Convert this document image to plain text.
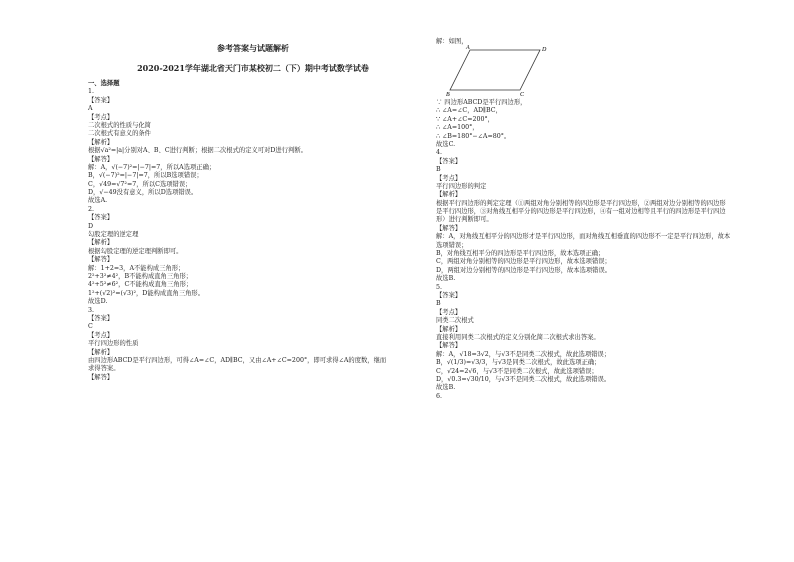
参考答案与试题解析
2020-2021学年湖北省天门市某校初二（下）期中考试数学试卷
一、选择题
1.
【答案】
A
【考点】
二次根式的性质与化简
二次根式有意义的条件
【解析】
根据√a²=|a|分别对A、B、C进行判断；根据二次根式的定义可对D进行判断。
【解答】
解：A，√(−7)²=|−7|=7，所以A选项正确；
B，√(−7)²=|−7|=7，所以B选项错误；
C，√49=√7²=7，所以C选项错误；
D，√−49没有意义，所以D选项错误。
故选A.
2.
【答案】
D
勾股定理的逆定理
【解析】
根据勾股定理的逆定理判断即可。
【解答】
解：1+2=3，A不能构成三角形；
2²+3²≠4²，B不能构成直角三角形；
4²+5²≠6²，C不能构成直角三角形；
1²+(√2)²=(√3)²，D能构成直角三角形。
故选D.
3.
【答案】
C
【考点】
平行四边形的性质
【解析】
由四边形ABCD是平行四边形，可得∠A=∠C，AD∥BC，又由∠A+∠C=200°，即可求得∠A的度数，继而
求得答案。
【解答】
解：如图，
A	D
B	C
∵ 四边形ABCD是平行四边形，
∴ ∠A=∠C，AD∥BC，
∵ ∠A+∠C=200°，
∴ ∠A=100°，
∴ ∠B=180°−∠A=80°。
故选C.
4.
【答案】
B
【考点】
平行四边形的判定
【解析】
根据平行四边形的判定定理（①两组对角分别相等的四边形是平行四边形，②两组对边分别相等的四边形
是平行四边形，③对角线互相平分的四边形是平行四边形，④有一组对边相等且平行的四边形是平行四边
形）进行判断即可。
【解答】
解：A，对角线互相平分的四边形才是平行四边形，而对角线互相垂直的四边形不一定是平行四边形，故本
选项错误；
B，对角线互相平分的四边形是平行四边形，故本选项正确；
C，两组对角分别相等的四边形是平行四边形，故本选项错误；
D，两组对边分别相等的四边形是平行四边形，故本选项错误。
故选B.
5.
【答案】
B
【考点】
同类二次根式
【解析】
直接利用同类二次根式的定义分别化简二次根式求出答案。
【解答】
解：A，√18=3√2，与√3不是同类二次根式，故此选项错误；
B，√(1/3)=√3/3，与√3是同类二次根式，故此选项正确；
C，√24=2√6，与√3不是同类二次根式，故此选项错误；
D，√0.3=√30/10，与√3不是同类二次根式，故此选项错误。
故选B.
6.
